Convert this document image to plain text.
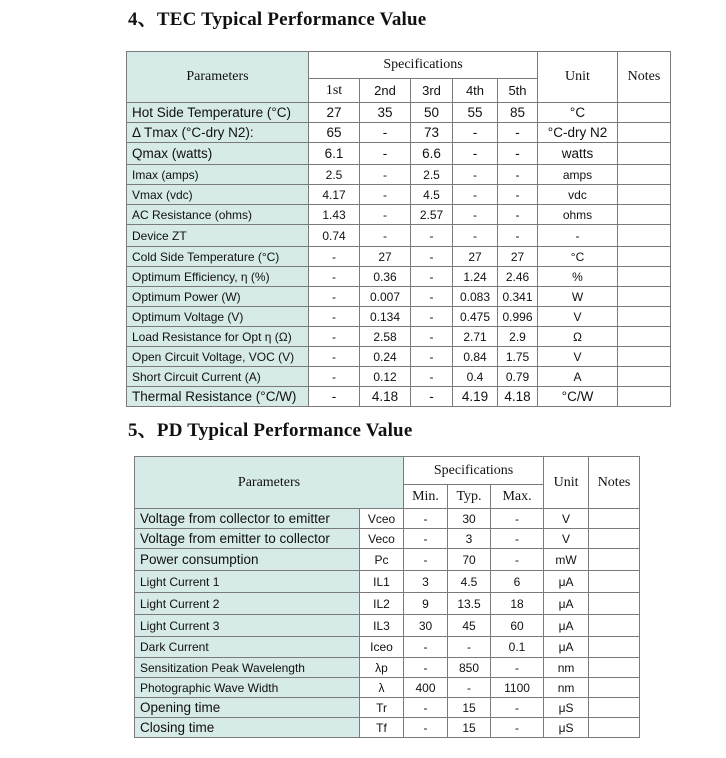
4、TEC Typical Performance Value
Parameters	Specifications					Unit	Notes
	1st	2nd	3rd	4th	5th		
Hot Side Temperature (°C)	27	35	50	55	85	°C	
Δ Tmax (°C-dry N2):	65	-	73	-	-	°C-dry N2	
Qmax (watts)	6.1	-	6.6	-	-	watts	
Imax (amps)	2.5	-	2.5	-	-	amps	
Vmax (vdc)	4.17	-	4.5	-	-	vdc	
AC Resistance (ohms)	1.43	-	2.57	-	-	ohms	
Device ZT	0.74	-	-	-	-	-	
Cold Side Temperature (°C)	-	27	-	27	27	°C	
Optimum Efficiency, η (%)	-	0.36	-	1.24	2.46	%	
Optimum Power (W)	-	0.007	-	0.083	0.341	W	
Optimum Voltage (V)	-	0.134	-	0.475	0.996	V	
Load Resistance for Opt η (Ω)	-	2.58	-	2.71	2.9	Ω	
Open Circuit Voltage, VOC (V)	-	0.24	-	0.84	1.75	V	
Short Circuit Current (A)	-	0.12	-	0.4	0.79	A	
Thermal Resistance (°C/W)	-	4.18	-	4.19	4.18	°C/W	
5、PD Typical Performance Value
Parameters		Specifications			Unit	Notes
		Min.	Typ.	Max.		
Voltage from collector to emitter	Vceo	-	30	-	V	
Voltage from emitter to collector	Veco	-	3	-	V	
Power consumption	Pc	-	70	-	mW	
Light Current 1	IL1	3	4.5	6	μA	
Light Current 2	IL2	9	13.5	18	μA	
Light Current 3	IL3	30	45	60	μA	
Dark Current	Iceo	-	-	0.1	μA	
Sensitization Peak Wavelength	λp	-	850	-	nm	
Photographic Wave Width	λ	400	-	1100	nm	
Opening time	Tr	-	15	-	μS	
Closing time	Tf	-	15	-	μS	
